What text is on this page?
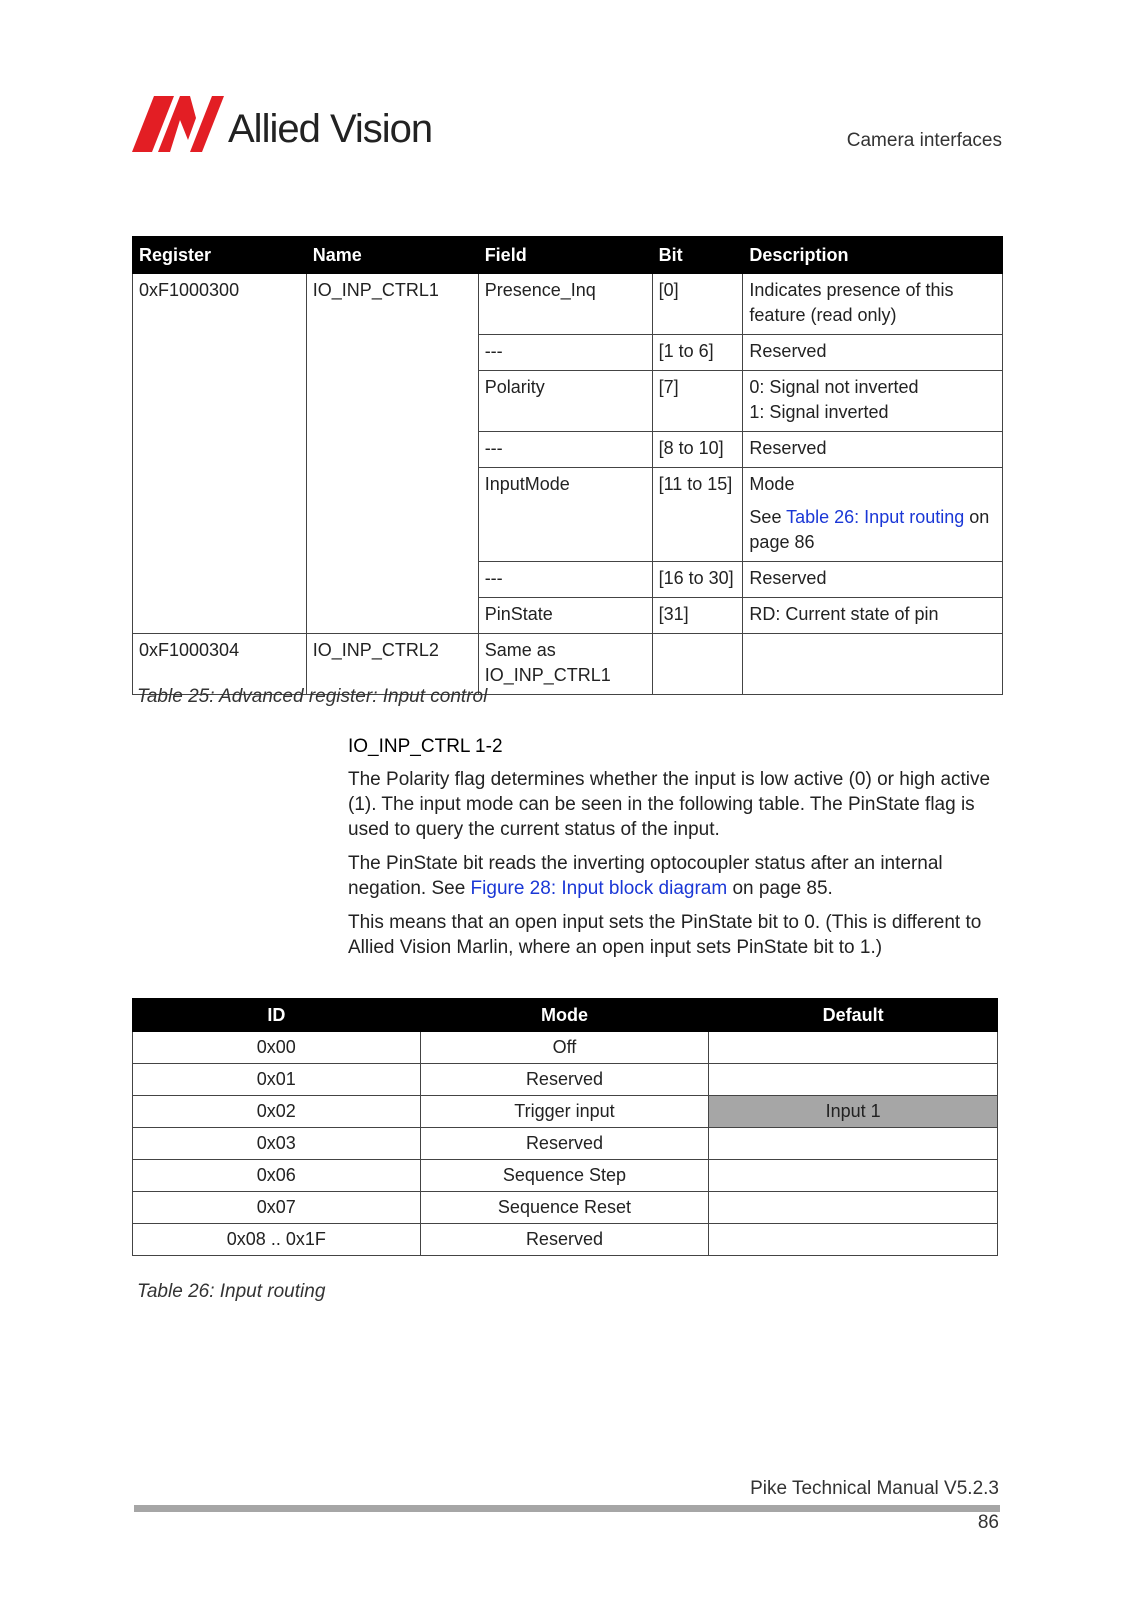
Allied Vision	Camera interfaces
Register	Name	Field	Bit	Description
0xF1000300	IO_INP_CTRL1	Presence_Inq	[0]	Indicates presence of this
feature (read only)

		---	[1 to 6]	Reserved
		Polarity	[7]	0: Signal not inverted
1: Signal inverted

		---	[8 to 10]	Reserved
		InputMode	[11 to 15]	Mode
See Table 26: Input routing on
page 86

		---	[16 to 30]	Reserved
		PinState	[31]	RD: Current state of pin
0xF1000304	IO_INP_CTRL2	Same as
IO_INP_CTRL1		

Table 25: Advanced register: Input control
IO_INP_CTRL 1-2

The Polarity flag determines whether the input is low active (0) or high active (1). The input mode can be seen in the following table. The PinState flag is used to query the current status of the input.

The PinState bit reads the inverting optocoupler status after an internal negation. See Figure 28: Input block diagram on page 85.

This means that an open input sets the PinState bit to 0. (This is different to Allied Vision Marlin, where an open input sets PinState bit to 1.)

ID	Mode	Default
0x00	Off	
0x01	Reserved	
0x02	Trigger input	Input 1
0x03	Reserved	
0x06	Sequence Step	
0x07	Sequence Reset	
0x08 .. 0x1F	Reserved	
Table 26: Input routing
Pike Technical Manual V5.2.3
86
